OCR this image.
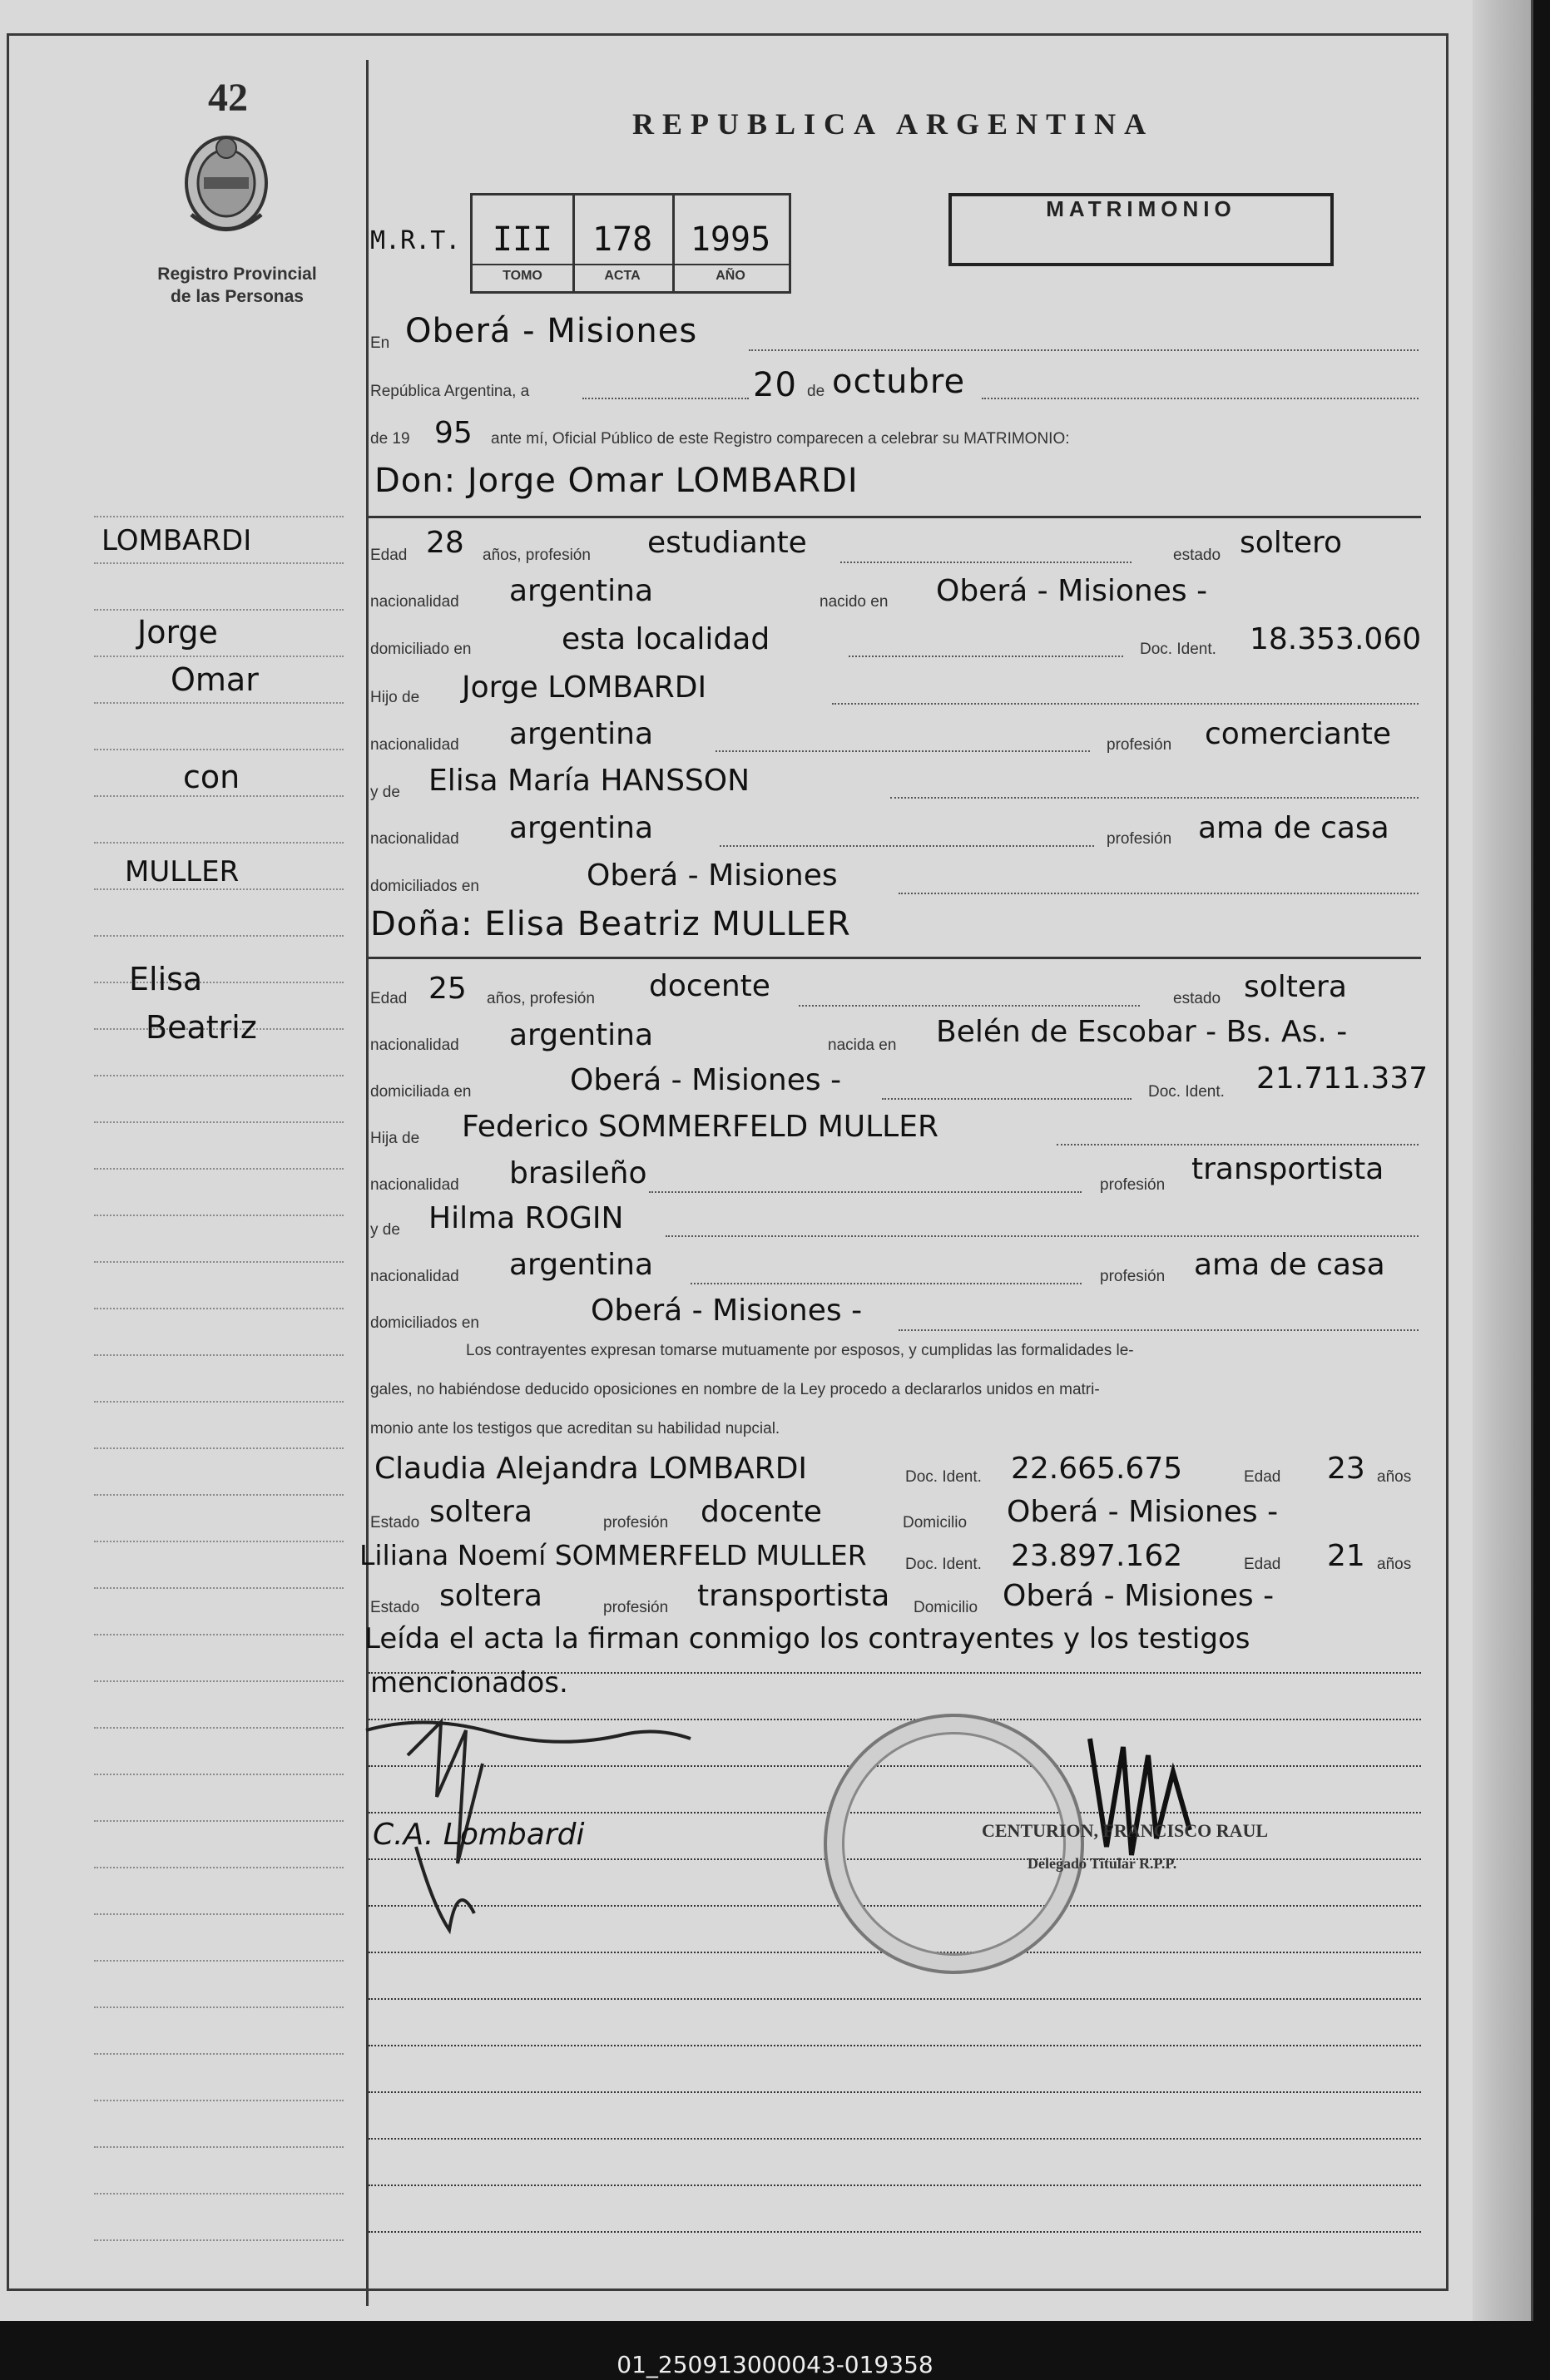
42
Registro Provincial
de las Personas
REPUBLICA ARGENTINA
M.R.T. III
TOMO
178
ACTA
1995
AÑO
MATRIMONIO
En Oberá - Misiones
República Argentina, a	20 de octubre
de 19 95 ante mí, Oficial Público de este Registro comparecen a celebrar su MATRIMONIO:
Don: Jorge Omar LOMBARDI
Edad 28 años, profesión estudiante	estado soltero
nacionalidad argentina	nacido en Oberá - Misiones -
domiciliado en	esta localidad	Doc. Ident. 18.353.060
Hijo de Jorge LOMBARDI
nacionalidad argentina	profesión comerciante
y de Elisa María HANSSON
nacionalidad argentina	profesión ama de casa
domiciliados en	Oberá - Misiones
Doña: Elisa Beatriz MULLER
Edad 25 años, profesión docente	estado soltera
nacionalidad argentina	nacida en Belén de Escobar - Bs. As. -
domiciliada en	Oberá - Misiones -	Doc. Ident. 21.711.337
Hija de Federico SOMMERFELD MULLER
nacionalidad brasileño	profesión transportista
y de Hilma ROGIN
nacionalidad argentina	profesión ama de casa
domiciliados en	Oberá - Misiones -
Los contrayentes expresan tomarse mutuamente por esposos, y cumplidas las formalidades le-
gales, no habiéndose deducido oposiciones en nombre de la Ley procedo a declararlos unidos en matri-
monio ante los testigos que acreditan su habilidad nupcial.
Claudia Alejandra LOMBARDI	Doc. Ident. 22.665.675	Edad 23 años
Estado soltera	profesión docente	Domicilio Oberá - Misiones -
Liliana Noemí SOMMERFELD MULLER Doc. Ident. 23.897.162	Edad 21 años
Estado soltera	profesión transportista Domicilio Oberá - Misiones -
Leída el acta la firman conmigo los contrayentes y los testigos
mencionados.
C.A. Lombardi	CENTURION, FRANCISCO RAUL
Delegado Titular R.P.P.
LOMBARDI
Jorge
Omar
con
MULLER
Elisa
Beatriz
01_250913000043-019358
